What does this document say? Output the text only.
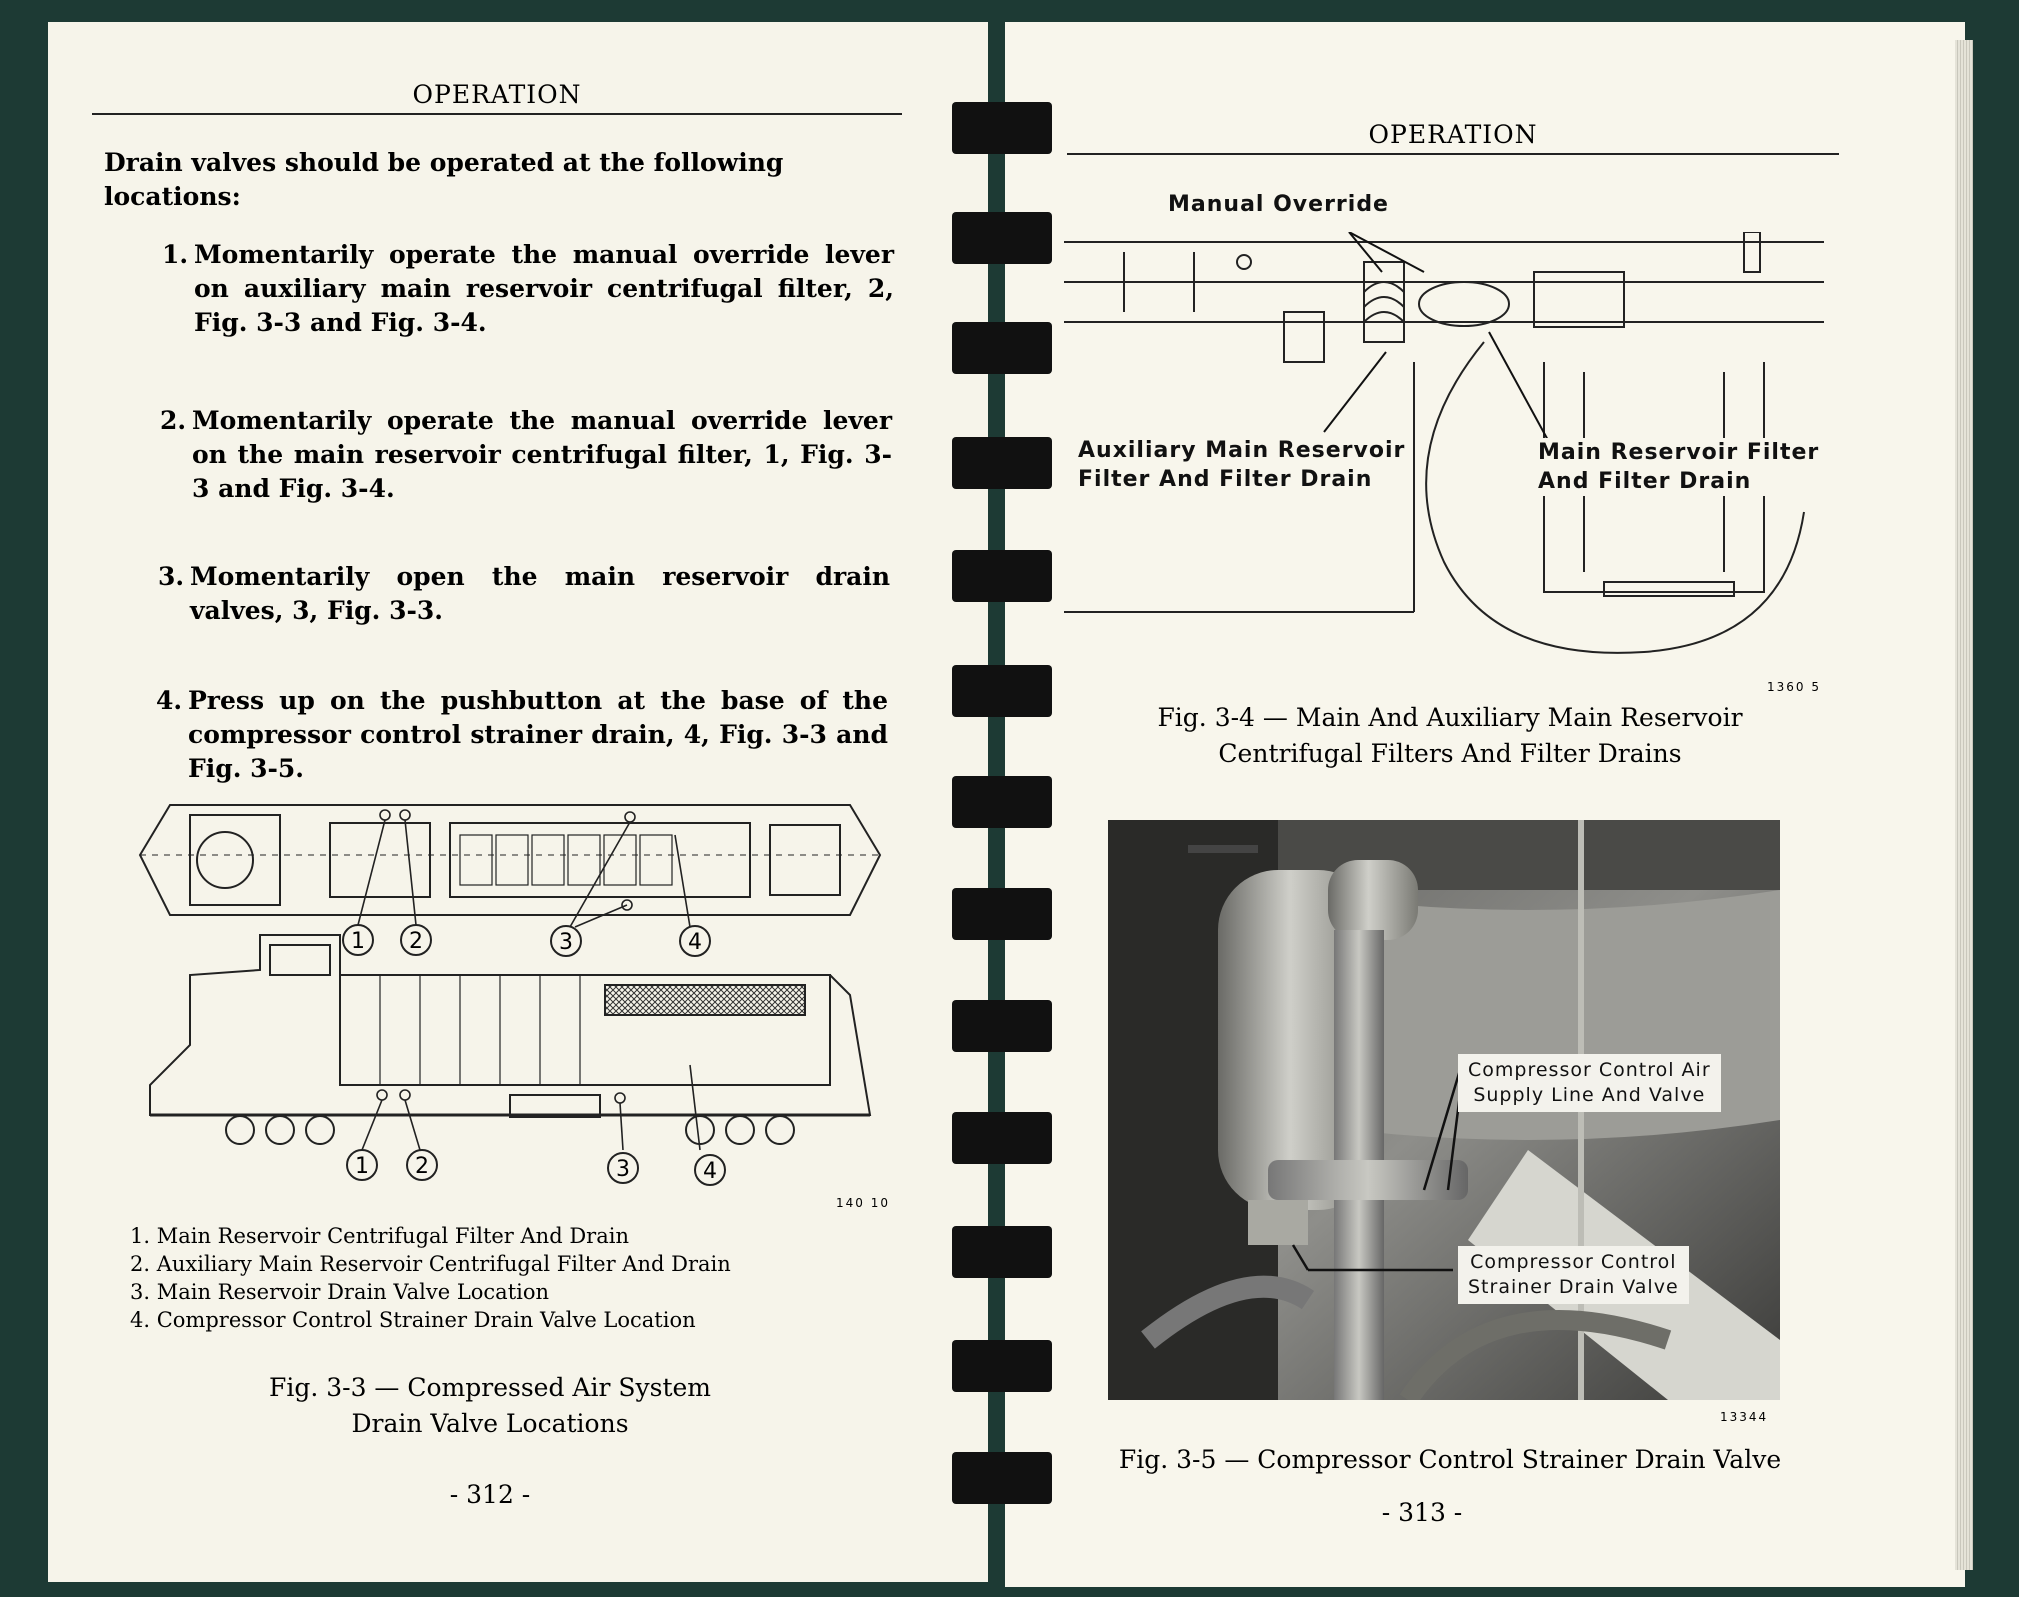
OPERATION
Drain valves should be operated at the following locations:
1. Momentarily operate the manual override lever on auxiliary main reservoir centrifugal filter, 2, Fig. 3-3 and Fig. 3-4.
2. Momentarily operate the manual override lever on the main reservoir centrifugal filter, 1, Fig. 3-3 and Fig. 3-4.
3. Momentarily open the main reservoir drain valves, 3, Fig. 3-3.
4. Press up on the pushbutton at the base of the compressor control strainer drain, 4, Fig. 3-3 and Fig. 3-5.
1 2	3	4
1 2	3	4
140 10
1. Main Reservoir Centrifugal Filter And Drain
2. Auxiliary Main Reservoir Centrifugal Filter And Drain
3. Main Reservoir Drain Valve Location
4. Compressor Control Strainer Drain Valve Location
Fig. 3-3 — Compressed Air System
Drain Valve Locations
- 312 -
OPERATION
Manual Override
Auxiliary Main Reservoir
Filter And Filter Drain
Main Reservoir Filter
And Filter Drain
1360 5
Fig. 3-4 — Main And Auxiliary Main Reservoir
Centrifugal Filters And Filter Drains
Compressor Control Air
Supply Line And Valve
Compressor Control
Strainer Drain Valve
13344
Fig. 3-5 — Compressor Control Strainer Drain Valve
- 313 -
